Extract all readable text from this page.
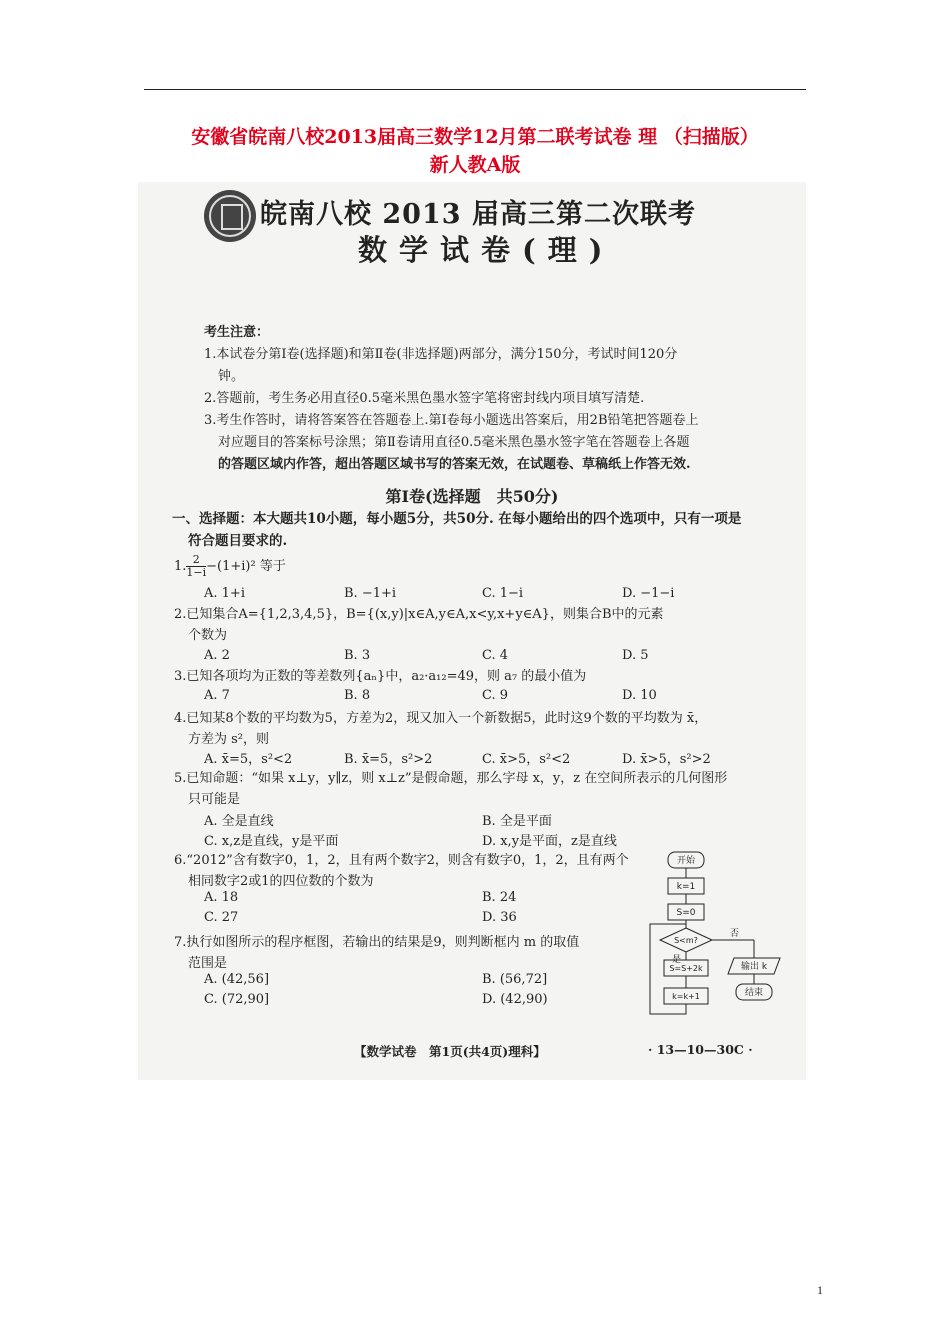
安徽省皖南八校2013届高三数学12月第二联考试卷 理 （扫描版）
新人教A版
皖南八校 2013 届高三第二次联考
数学试卷(理)

考生注意：

1.本试卷分第Ⅰ卷(选择题)和第Ⅱ卷(非选择题)两部分，满分150分，考试时间120分

钟。

2.答题前，考生务必用直径0.5毫米黑色墨水签字笔将密封线内项目填写清楚.

3.考生作答时，请将答案答在答题卷上.第Ⅰ卷每小题选出答案后，用2B铅笔把答题卷上

对应题目的答案标号涂黑；第Ⅱ卷请用直径0.5毫米黑色墨水签字笔在答题卷上各题

的答题区域内作答，超出答题区域书写的答案无效，在试题卷、草稿纸上作答无效.

第Ⅰ卷(选择题　共50分)
一、选择题：本大题共10小题，每小题5分，共50分. 在每小题给出的四个选项中，只有一项是
符合题目要求的.
1. $\frac{2}{1-i} -(1+i)^2$ 等于
A. 1+i	B. −1+i	C. 1−i	D. −1−i
2.已知集合A={1,2,3,4,5}，B={(x,y)|x∈A,y∈A,x<y,x+y∈A}，则集合B中的元素
个数为
A. 2	B. 3	C. 4	D. 5
3.已知各项均为正数的等差数列{aₙ}中，a₂·a₁₂=49，则 a₇ 的最小值为
A. 7	B. 8	C. 9	D. 10
4.已知某8个数的平均数为5，方差为2，现又加入一个新数据5，此时这9个数的平均数为 x̄，
方差为 s²，则
A. x̄=5，s²<2	B. x̄=5，s²>2	C. x̄>5，s²<2	D. x̄>5，s²>2
5.已知命题：“如果 x⊥y，y∥z，则 x⊥z”是假命题，那么字母 x，y，z 在空间所表示的几何图形
只可能是
A. 全是直线	B. 全是平面
C. x,z是直线，y是平面	D. x,y是平面，z是直线
6.“2012”含有数字0，1，2，且有两个数字2，则含有数字0，1，2，且有两个
相同数字2或1的四位数的个数为
A. 18	B. 24
C. 27	D. 36
7.执行如图所示的程序框图，若输出的结果是9，则判断框内 m 的取值
范围是
A. (42,56]	B. (56,72]
C. (72,90]	D. (42,90)
开始
k=1
S=0
S<m?
否
是
S=S+2k	输出 k
结束
k=k+1
【数学试卷　第1页(共4页)理科】	· 13—10—30C ·
1
